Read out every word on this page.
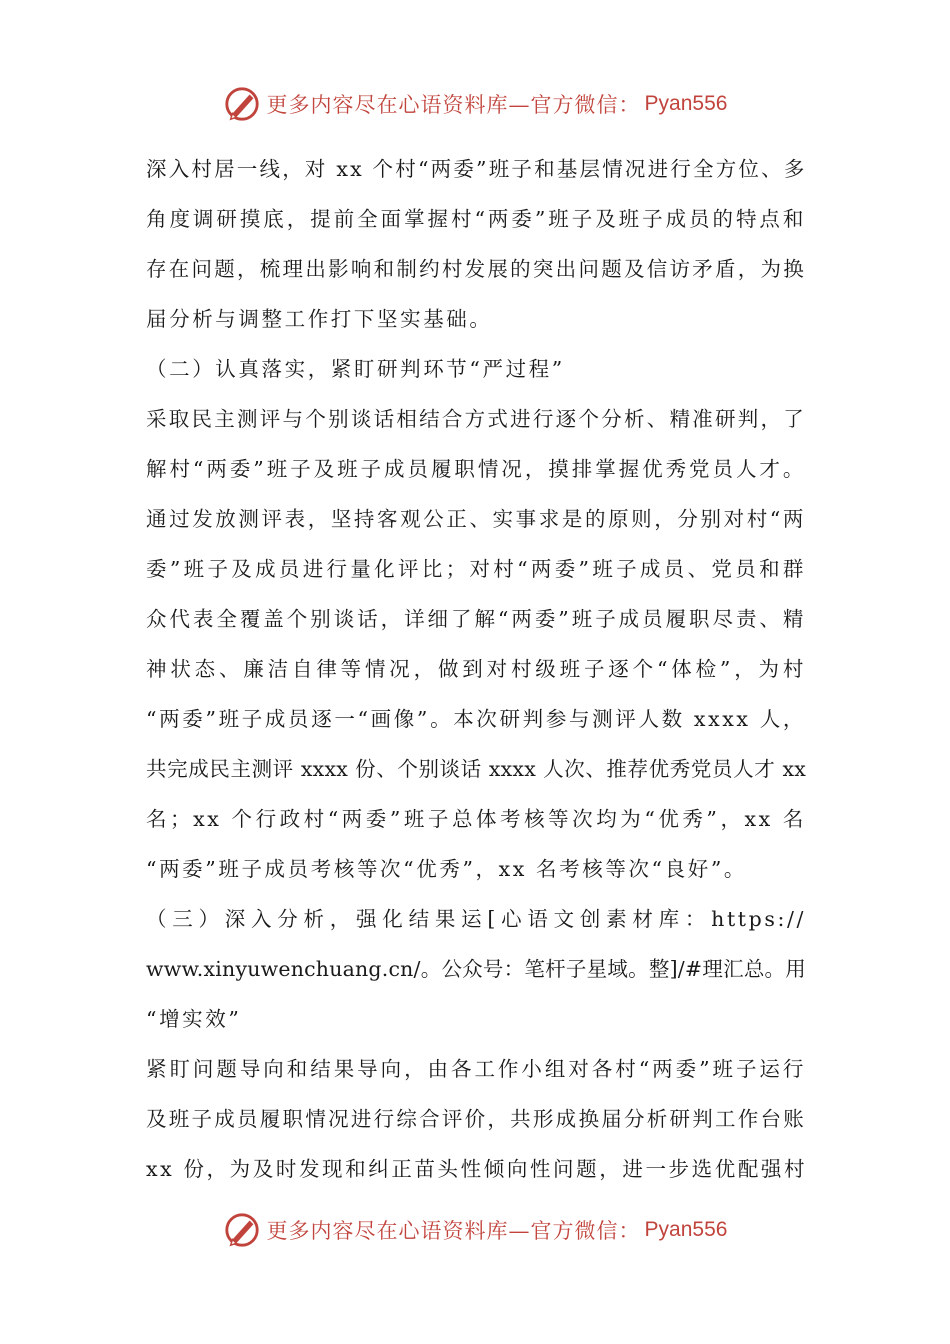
更多内容尽在心语资料库—官方微信： Pyan556
深入村居一线，对 xx 个村“两委”班子和基层情况进行全方位、多
角度调研摸底，提前全面掌握村“两委”班子及班子成员的特点和
存在问题，梳理出影响和制约村发展的突出问题及信访矛盾，为换
届分析与调整工作打下坚实基础。
（二）认真落实，紧盯研判环节“严过程”
采取民主测评与个别谈话相结合方式进行逐个分析、精准研判，了
解村“两委”班子及班子成员履职情况，摸排掌握优秀党员人才。
通过发放测评表，坚持客观公正、实事求是的原则，分别对村“两
委”班子及成员进行量化评比；对村“两委”班子成员、党员和群
众代表全覆盖个别谈话，详细了解“两委”班子成员履职尽责、精
神状态、廉洁自律等情况，做到对村级班子逐个“体检”，为村
“两委”班子成员逐一“画像”。本次研判参与测评人数 xxxx 人，
共完成民主测评 xxxx 份、个别谈话 xxxx 人次、推荐优秀党员人才 xx
名；xx 个行政村“两委”班子总体考核等次均为“优秀”，xx 名
“两委”班子成员考核等次“优秀”，xx 名考核等次“良好”。
（三）深入分析，强化结果运[心语文创素材库：https://
www.xinyuwenchuang.cn/。公众号：笔杆子星域。整]/#理汇总。用
“增实效”
紧盯问题导向和结果导向，由各工作小组对各村“两委”班子运行
及班子成员履职情况进行综合评价，共形成换届分析研判工作台账
xx 份，为及时发现和纠正苗头性倾向性问题，进一步选优配强村
更多内容尽在心语资料库—官方微信： Pyan556
